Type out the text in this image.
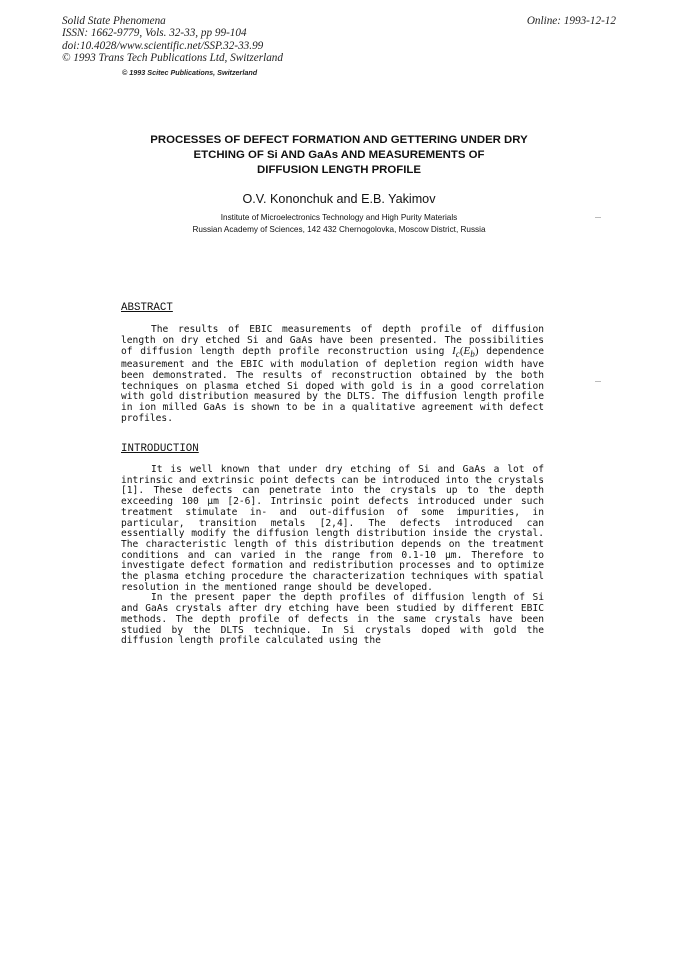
Solid State Phenomena
ISSN: 1662-9779, Vols. 32-33, pp 99-104
doi:10.4028/www.scientific.net/SSP.32-33.99
© 1993 Trans Tech Publications Ltd, Switzerland
Online: 1993-12-12
© 1993 Scitec Publications, Switzerland
PROCESSES OF DEFECT FORMATION AND GETTERING UNDER DRY
ETCHING OF Si AND GaAs AND MEASUREMENTS OF
DIFFUSION LENGTH PROFILE
O.V. Kononchuk and E.B. Yakimov
Institute of Microelectronics Technology and High Purity Materials
Russian Academy of Sciences, 142 432 Chernogolovka, Moscow District, Russia
ABSTRACT

The results of EBIC measurements of depth profile of diffusion length on dry etched Si and GaAs have been presented. The possibilities of diffusion length depth profile reconstruction using $I_c(E_b)$ dependence measurement and the EBIC with modulation of depletion region width have been demonstrated. The results of reconstruction obtained by the both techniques on plasma etched Si doped with gold is in a good correlation with gold distribution measured by the DLTS. The diffusion length profile in ion milled GaAs is shown to be in a qualitative agreement with defect profiles.

INTRODUCTION

It is well known that under dry etching of Si and GaAs a lot of intrinsic and extrinsic point defects can be introduced into the crystals [1]. These defects can penetrate into the crystals up to the depth exceeding 100 µm [2-6]. Intrinsic point defects introduced under such treatment stimulate in- and out-diffusion of some impurities, in particular, transition metals [2,4]. The defects introduced can essentially modify the diffusion length distribution inside the crystal. The characteristic length of this distribution depends on the treatment conditions and can varied in the range from 0.1-10 µm. Therefore to investigate defect formation and redistribution processes and to optimize the plasma etching procedure the characterization techniques with spatial resolution in the mentioned range should be developed.

In the present paper the depth profiles of diffusion length of Si and GaAs crystals after dry etching have been studied by different EBIC methods. The depth profile of defects in the same crystals have been studied by the DLTS technique. In Si crystals doped with gold the diffusion length profile calculated using the
